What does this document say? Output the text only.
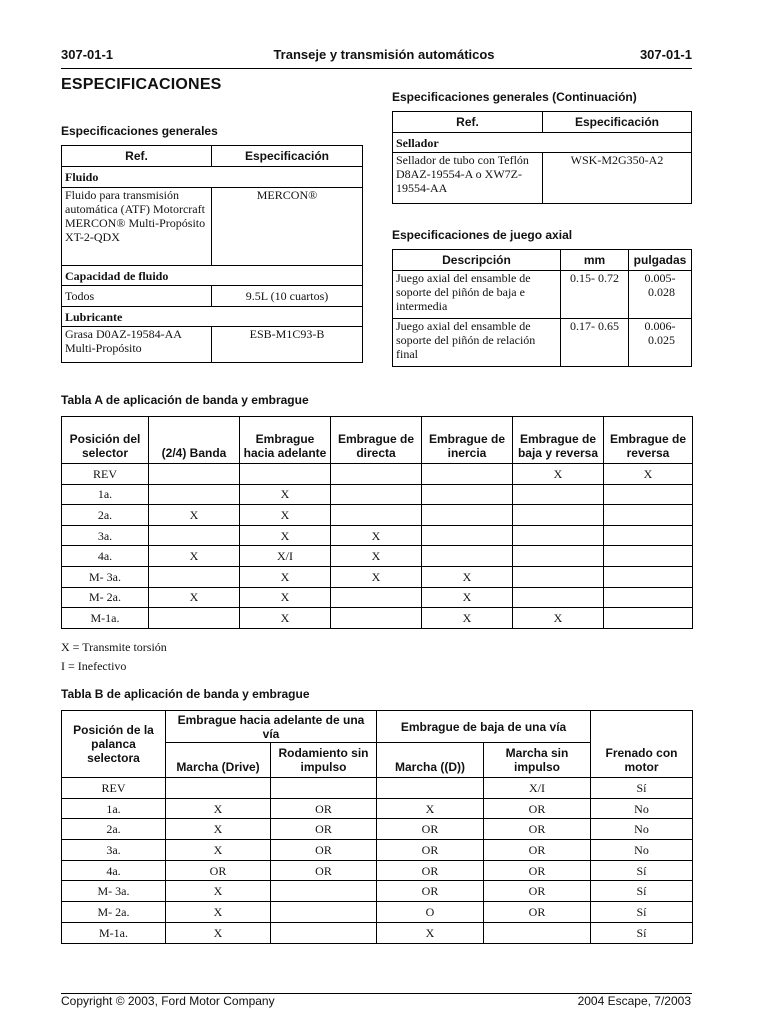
307-01-1	Transeje y transmisión automáticos	307-01-1
ESPECIFICACIONES
Especificaciones generales
Ref.	Especificación
Fluido	
Fluido para transmisión automática (ATF) Motorcraft MERCON® Multi-Propósito XT-2-QDX	MERCON®
Capacidad de fluido	
Todos	9.5L (10 cuartos)
Lubricante	
Grasa D0AZ-19584-AA Multi-Propósito	ESB-M1C93-B
Especificaciones generales (Continuación)
Ref.	Especificación
Sellador	
Sellador de tubo con Teflón D8AZ-19554-A o XW7Z-19554-AA	WSK-M2G350-A2
Especificaciones de juego axial
Descripción	mm	pulgadas
Juego axial del ensamble de soporte del piñón de baja e intermedia	0.15- 0.72	0.005- 0.028
Juego axial del ensamble de soporte del piñón de relación final	0.17- 0.65	0.006- 0.025
Tabla A de aplicación de banda y embrague
Posición del selector	(2/4) Banda	Embrague hacia adelante	Embrague de directa	Embrague de inercia	Embrague de baja y reversa	Embrague de reversa
REV					X	X
1a.		X				
2a.	X	X				
3a.		X	X			
4a.	X	X/I	X			
M- 3a.		X	X	X		
M- 2a.	X	X		X		
M-1a.		X		X	X	
X = Transmite torsión
I = Inefectivo
Tabla B de aplicación de banda y embrague
Posición de la palanca selectora	Embrague hacia adelante de una vía		Embrague de baja de una vía		Frenado con motor
	Marcha (Drive)	Rodamiento sin impulso	Marcha ((D))	Marcha sin impulso	
REV				X/I	Sí
1a.	X	OR	X	OR	No
2a.	X	OR	OR	OR	No
3a.	X	OR	OR	OR	No
4a.	OR	OR	OR	OR	Sí
M- 3a.	X		OR	OR	Sí
M- 2a.	X		O	OR	Sí
M-1a.	X		X		Sí
Copyright © 2003, Ford Motor Company	2004 Escape, 7/2003
